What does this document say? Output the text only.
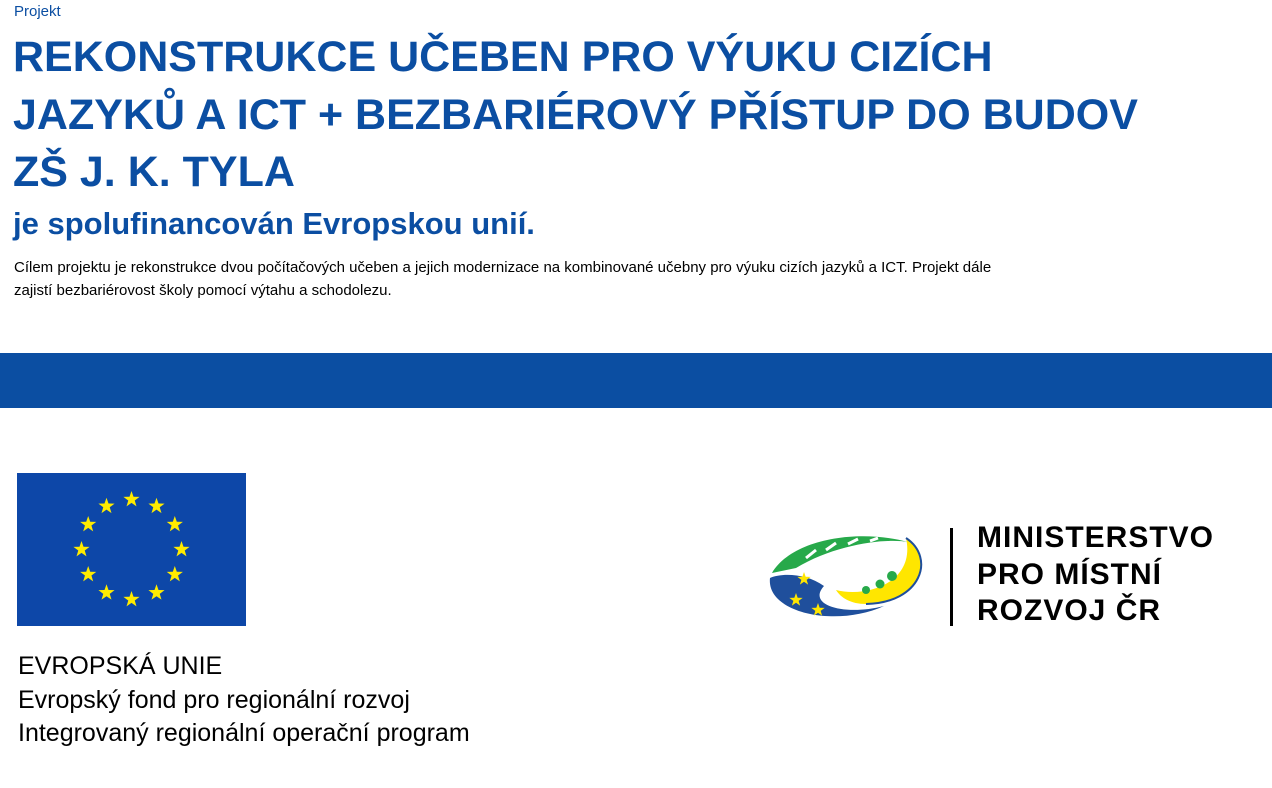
Projekt
REKONSTRUKCE UČEBEN PRO VÝUKU CIZÍCH
JAZYKŮ A ICT + BEZBARIÉROVÝ PŘÍSTUP DO BUDOV
ZŠ J. K. TYLA
je spolufinancován Evropskou unií.

Cílem projektu je rekonstrukce dvou počítačových učeben a jejich modernizace na kombinované učebny pro výuku cizích jazyků a ICT. Projekt dále
zajistí bezbariérovost školy pomocí výtahu a schodolezu.

EVROPSKÁ UNIE
Evropský fond pro regionální rozvoj
Integrovaný regionální operační program
MINISTERSTVO
PRO MÍSTNÍ
ROZVOJ ČR
